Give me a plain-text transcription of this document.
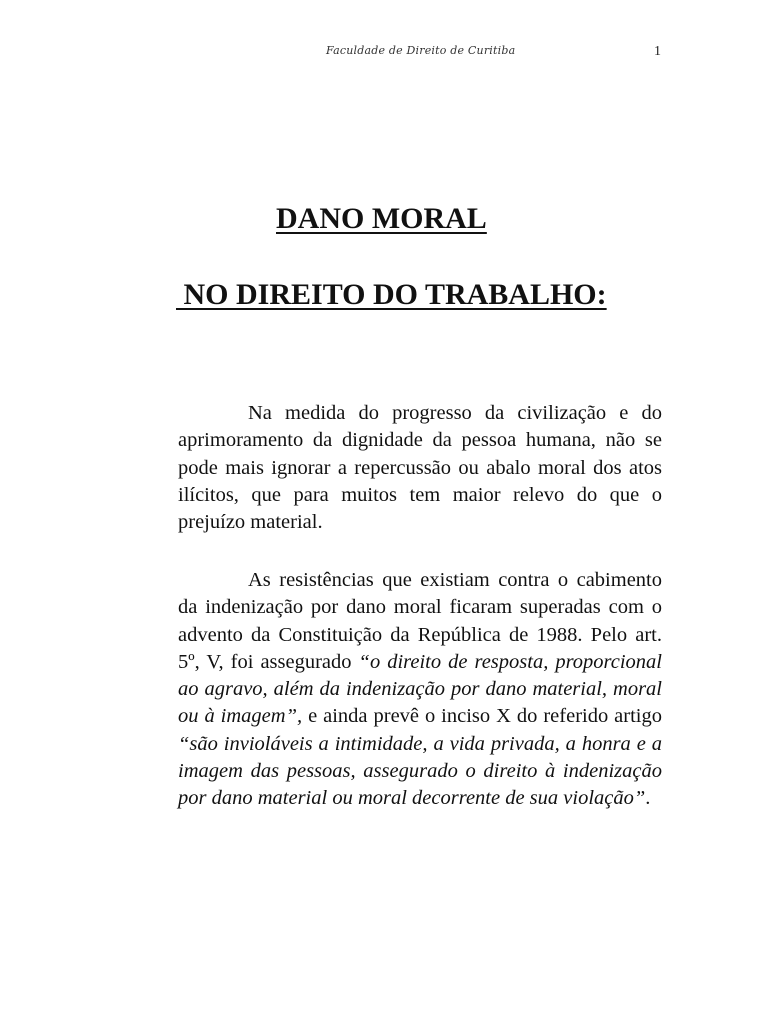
Faculdade de Direito de Curitiba	1
DANO MORAL
NO DIREITO DO TRABALHO:

Na medida do progresso da civilização e do aprimoramento da dignidade da pessoa humana, não se pode mais ignorar a repercussão ou abalo moral dos atos ilícitos, que para muitos tem maior relevo do que o prejuízo material.

As resistências que existiam contra o cabimento da indenização por dano moral ficaram superadas com o advento da Constituição da República de 1988. Pelo art. 5º, V, foi assegurado “o direito de resposta, proporcional ao agravo, além da indenização por dano material, moral ou à imagem”, e ainda prevê o inciso X do referido artigo “são invioláveis a intimidade, a vida privada, a honra e a imagem das pessoas, assegurado o direito à indenização por dano material ou moral decorrente de sua violação”.
